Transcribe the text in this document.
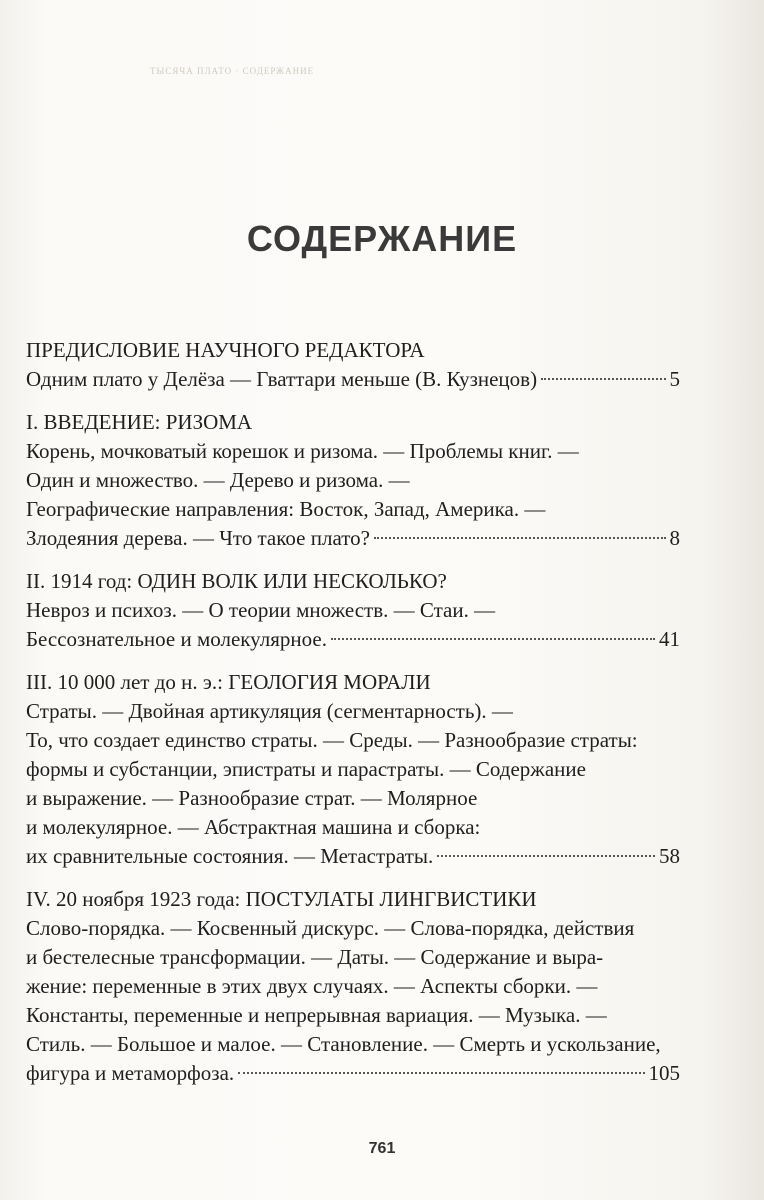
ТЫСЯЧА ПЛАТО · СОДЕРЖАНИЕ
СОДЕРЖАНИЕ
ПРЕДИСЛОВИЕ НАУЧНОГО РЕДАКТОРА
Одним плато у Делёза — Гваттари меньше (В. Кузнецов)	5
I. ВВЕДЕНИЕ: РИЗОМА
Корень, мочковатый корешок и ризома. — Проблемы книг. —
Один и множество. — Дерево и ризома. —
Географические направления: Восток, Запад, Америка. —
Злодеяния дерева. — Что такое плато?	8
II. 1914 год: ОДИН ВОЛК ИЛИ НЕСКОЛЬКО?
Невроз и психоз. — О теории множеств. — Стаи. —
Бессознательное и молекулярное.	41
III. 10 000 лет до н. э.: ГЕОЛОГИЯ МОРАЛИ
Страты. — Двойная артикуляция (сегментарность). —
То, что создает единство страты. — Среды. — Разнообразие страты:
формы и субстанции, эпистраты и парастраты. — Содержание
и выражение. — Разнообразие страт. — Молярное
и молекулярное. — Абстрактная машина и сборка:
их сравнительные состояния. — Метастраты.	58
IV. 20 ноября 1923 года: ПОСТУЛАТЫ ЛИНГВИСТИКИ
Слово-порядка. — Косвенный дискурс. — Слова-порядка, действия
и бестелесные трансформации. — Даты. — Содержание и выра-
жение: переменные в этих двух случаях. — Аспекты сборки. —
Константы, переменные и непрерывная вариация. — Музыка. —
Стиль. — Большое и малое. — Становление. — Смерть и ускользание,
фигура и метаморфоза.	105
761
